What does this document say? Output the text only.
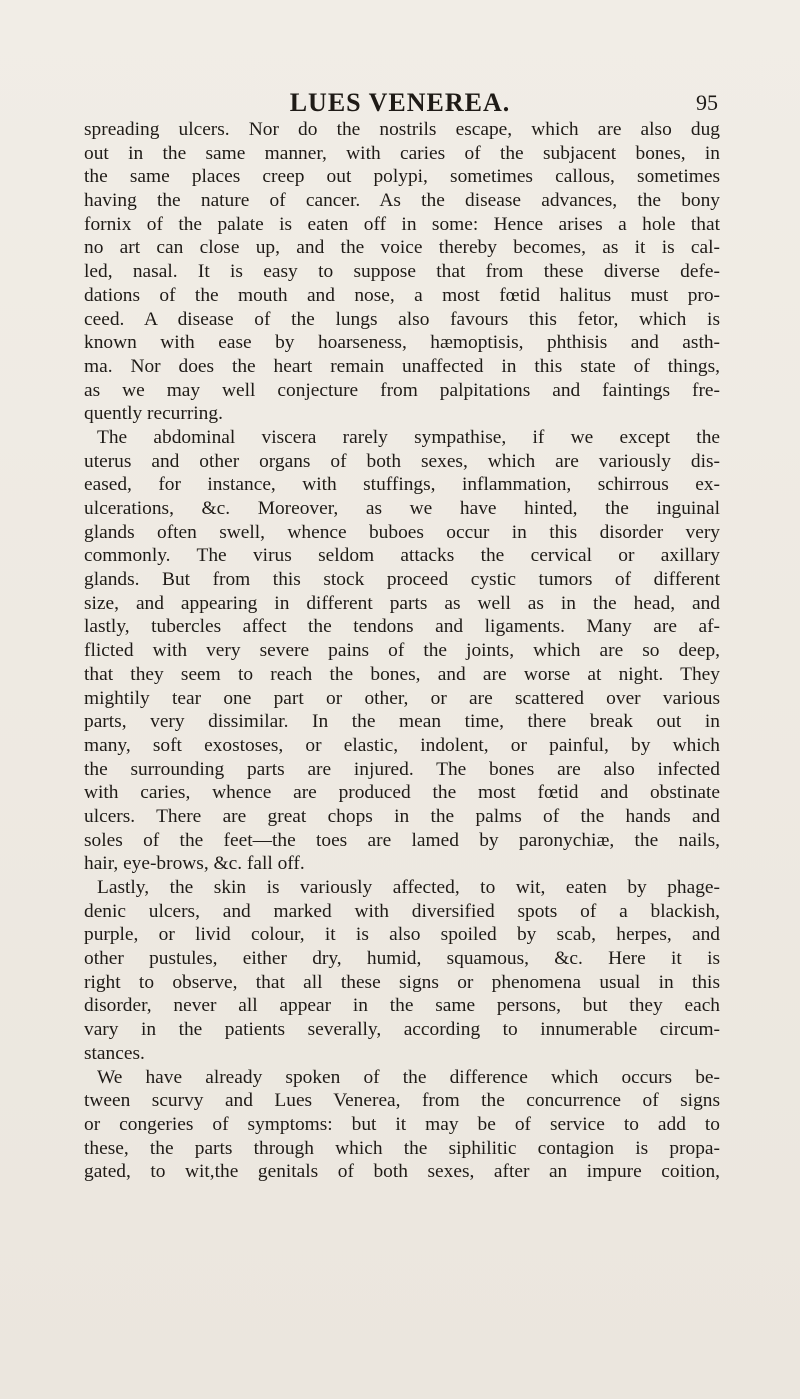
LUES VENEREA.	95
spreading ulcers. Nor do the nostrils escape, which are also dug
out in the same manner, with caries of the subjacent bones, in
the same places creep out polypi, sometimes callous, sometimes
having the nature of cancer. As the disease advances, the bony
fornix of the palate is eaten off in some: Hence arises a hole that
no art can close up, and the voice thereby becomes, as it is cal-
led, nasal. It is easy to suppose that from these diverse defe-
dations of the mouth and nose, a most fœtid halitus must pro-
ceed. A disease of the lungs also favours this fetor, which is
known with ease by hoarseness, hæmoptisis, phthisis and asth-
ma. Nor does the heart remain unaffected in this state of things,
as we may well conjecture from palpitations and faintings fre-
quently recurring.
The abdominal viscera rarely sympathise, if we except the
uterus and other organs of both sexes, which are variously dis-
eased, for instance, with stuffings, inflammation, schirrous ex-
ulcerations, &c. Moreover, as we have hinted, the inguinal
glands often swell, whence buboes occur in this disorder very
commonly. The virus seldom attacks the cervical or axillary
glands. But from this stock proceed cystic tumors of different
size, and appearing in different parts as well as in the head, and
lastly, tubercles affect the tendons and ligaments. Many are af-
flicted with very severe pains of the joints, which are so deep,
that they seem to reach the bones, and are worse at night. They
mightily tear one part or other, or are scattered over various
parts, very dissimilar. In the mean time, there break out in
many, soft exostoses, or elastic, indolent, or painful, by which
the surrounding parts are injured. The bones are also infected
with caries, whence are produced the most fœtid and obstinate
ulcers. There are great chops in the palms of the hands and
soles of the feet—the toes are lamed by paronychiæ, the nails,
hair, eye-brows, &c. fall off.
Lastly, the skin is variously affected, to wit, eaten by phage-
denic ulcers, and marked with diversified spots of a blackish,
purple, or livid colour, it is also spoiled by scab, herpes, and
other pustules, either dry, humid, squamous, &c. Here it is
right to observe, that all these signs or phenomena usual in this
disorder, never all appear in the same persons, but they each
vary in the patients severally, according to innumerable circum-
stances.
We have already spoken of the difference which occurs be-
tween scurvy and Lues Venerea, from the concurrence of signs
or congeries of symptoms: but it may be of service to add to
these, the parts through which the siphilitic contagion is propa-
gated, to wit,the genitals of both sexes, after an impure coition,
